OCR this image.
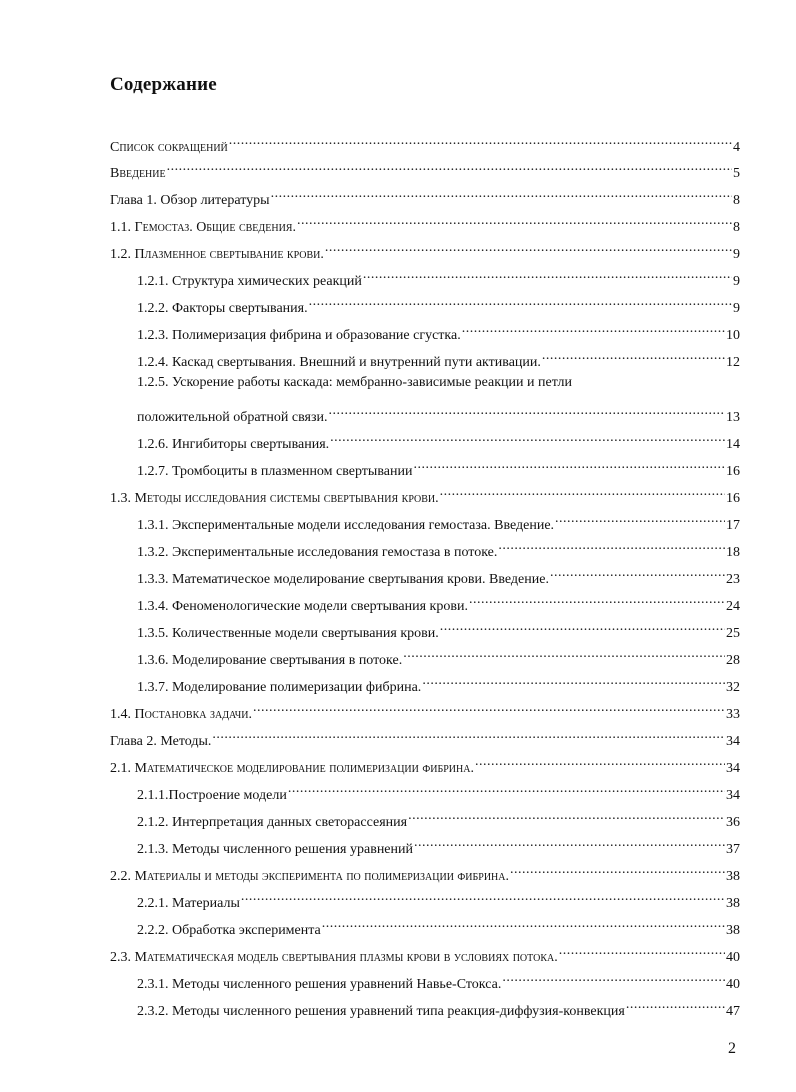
Содержание
Список сокращений .....	4
Введение .....	5
Глава 1. Обзор литературы .....	8
1.1. Гемостаз. Общие сведения. .....	8
1.2. Плазменное свертывание крови. .....	9
1.2.1. Структура химических реакций .....	9
1.2.2. Факторы свертывания. .....	9
1.2.3. Полимеризация фибрина и образование сгустка. .....	10
1.2.4. Каскад свертывания. Внешний и внутренний пути активации. .....	12
1.2.5. Ускорение работы каскада: мембранно-зависимые реакции и петли
положительной обратной связи. .....	13
1.2.6. Ингибиторы свертывания. .....	14
1.2.7. Тромбоциты в плазменном свертывании .....	16
1.3. Методы исследования системы свертывания крови. .....	16
1.3.1. Экспериментальные модели исследования гемостаза. Введение. .....	17
1.3.2. Экспериментальные исследования гемостаза в потоке. .....	18
1.3.3. Математическое моделирование свертывания крови. Введение. .....	23
1.3.4. Феноменологические модели свертывания крови. .....	24
1.3.5. Количественные модели свертывания крови. .....	25
1.3.6. Моделирование свертывания в потоке. .....	28
1.3.7. Моделирование полимеризации фибрина. .....	32
1.4. Постановка задачи. .....	33
Глава 2. Методы. .....	34
2.1. Математическое моделирование полимеризации фибрина. .....	34
2.1.1.Построение модели .....	34
2.1.2. Интерпретация данных светорассеяния .....	36
2.1.3. Методы численного решения уравнений .....	37
2.2. Материалы и методы эксперимента по полимеризации фибрина. .....	38
2.2.1. Материалы .....	38
2.2.2. Обработка эксперимента .....	38
2.3. Математическая модель свертывания плазмы крови в условиях потока. .....	40
2.3.1. Методы численного решения уравнений Навье-Стокса. .....	40
2.3.2. Методы численного решения уравнений типа реакция-диффузия-конвекция .....	47
2
